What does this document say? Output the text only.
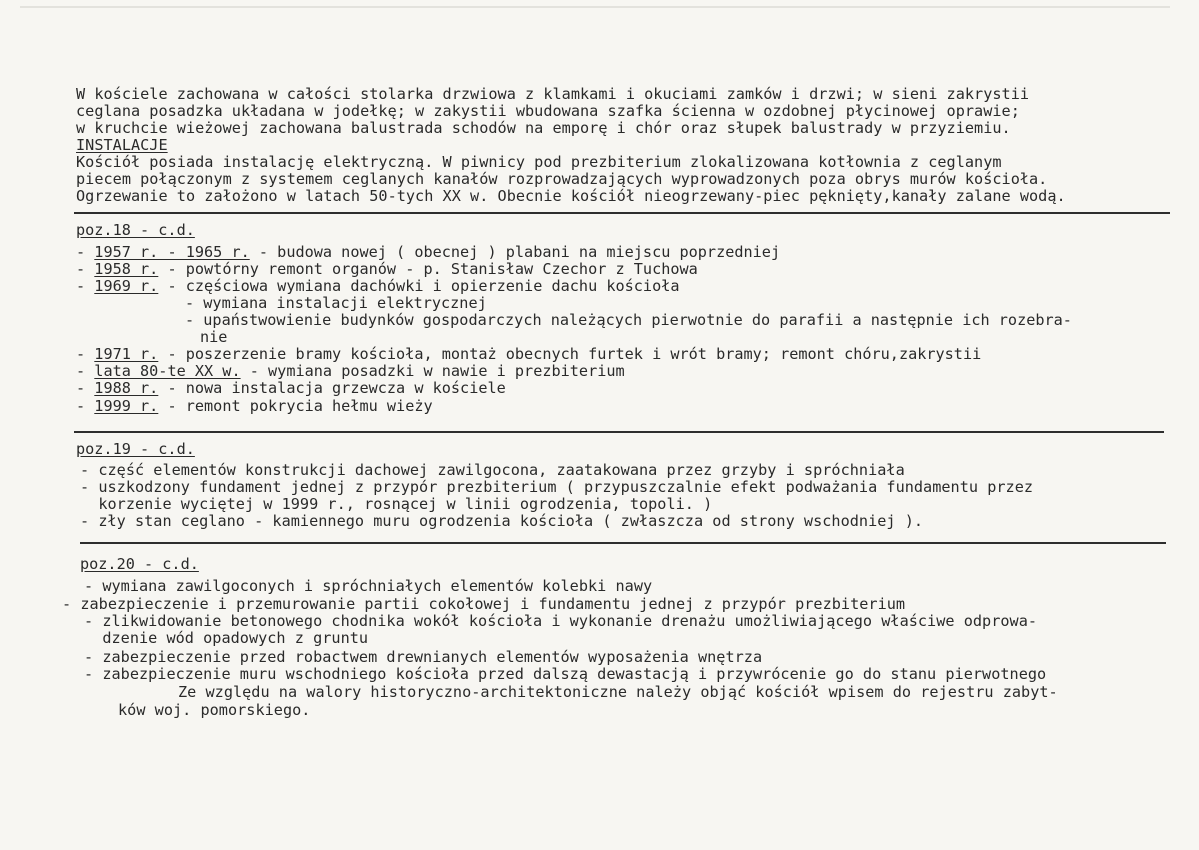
W kościele zachowana w całości stolarka drzwiowa z klamkami i okuciami zamków i drzwi; w sieni zakrystii
ceglana posadzka układana w jodełkę; w zakystii wbudowana szafka ścienna w ozdobnej płycinowej oprawie;
w kruchcie wieżowej zachowana balustrada schodów na emporę i chór oraz słupek balustrady w przyziemiu.
INSTALACJE
Kościół posiada instalację elektryczną. W piwnicy pod prezbiterium zlokalizowana kotłownia z ceglanym
piecem połączonym z systemem ceglanych kanałów rozprowadzających wyprowadzonych poza obrys murów kościoła.
Ogrzewanie to założono w latach 50-tych XX w. Obecnie kościół nieogrzewany-piec pęknięty,kanały zalane wodą.
poz.18 - c.d.
- 1957 r. - 1965 r. - budowa nowej ( obecnej ) plabani na miejscu poprzedniej
- 1958 r. - powtórny remont organów - p. Stanisław Czechor z Tuchowa
- 1969 r. - częściowa wymiana dachówki i opierzenie dachu kościoła
- wymiana instalacji elektrycznej
- upaństwowienie budynków gospodarczych należących pierwotnie do parafii a następnie ich rozebra-
nie
- 1971 r. - poszerzenie bramy kościoła, montaż obecnych furtek i wrót bramy; remont chóru,zakrystii
- lata 80-te XX w. - wymiana posadzki w nawie i prezbiterium
- 1988 r. - nowa instalacja grzewcza w kościele
- 1999 r. - remont pokrycia hełmu wieży
poz.19 - c.d.
- część elementów konstrukcji dachowej zawilgocona, zaatakowana przez grzyby i spróchniała
- uszkodzony fundament jednej z przypór prezbiterium ( przypuszczalnie efekt podważania fundamentu przez
korzenie wyciętej w 1999 r., rosnącej w linii ogrodzenia, topoli. )
- zły stan ceglano - kamiennego muru ogrodzenia kościoła ( zwłaszcza od strony wschodniej ).
poz.20 - c.d.
- wymiana zawilgoconych i spróchniałych elementów kolebki nawy
- zabezpieczenie i przemurowanie partii cokołowej i fundamentu jednej z przypór prezbiterium
- zlikwidowanie betonowego chodnika wokół kościoła i wykonanie drenażu umożliwiającego właściwe odprowa-
dzenie wód opadowych z gruntu
- zabezpieczenie przed robactwem drewnianych elementów wyposażenia wnętrza
- zabezpieczenie muru wschodniego kościoła przed dalszą dewastacją i przywrócenie go do stanu pierwotnego
Ze względu na walory historyczno-architektoniczne należy objąć kościół wpisem do rejestru zabyt-
ków woj. pomorskiego.
